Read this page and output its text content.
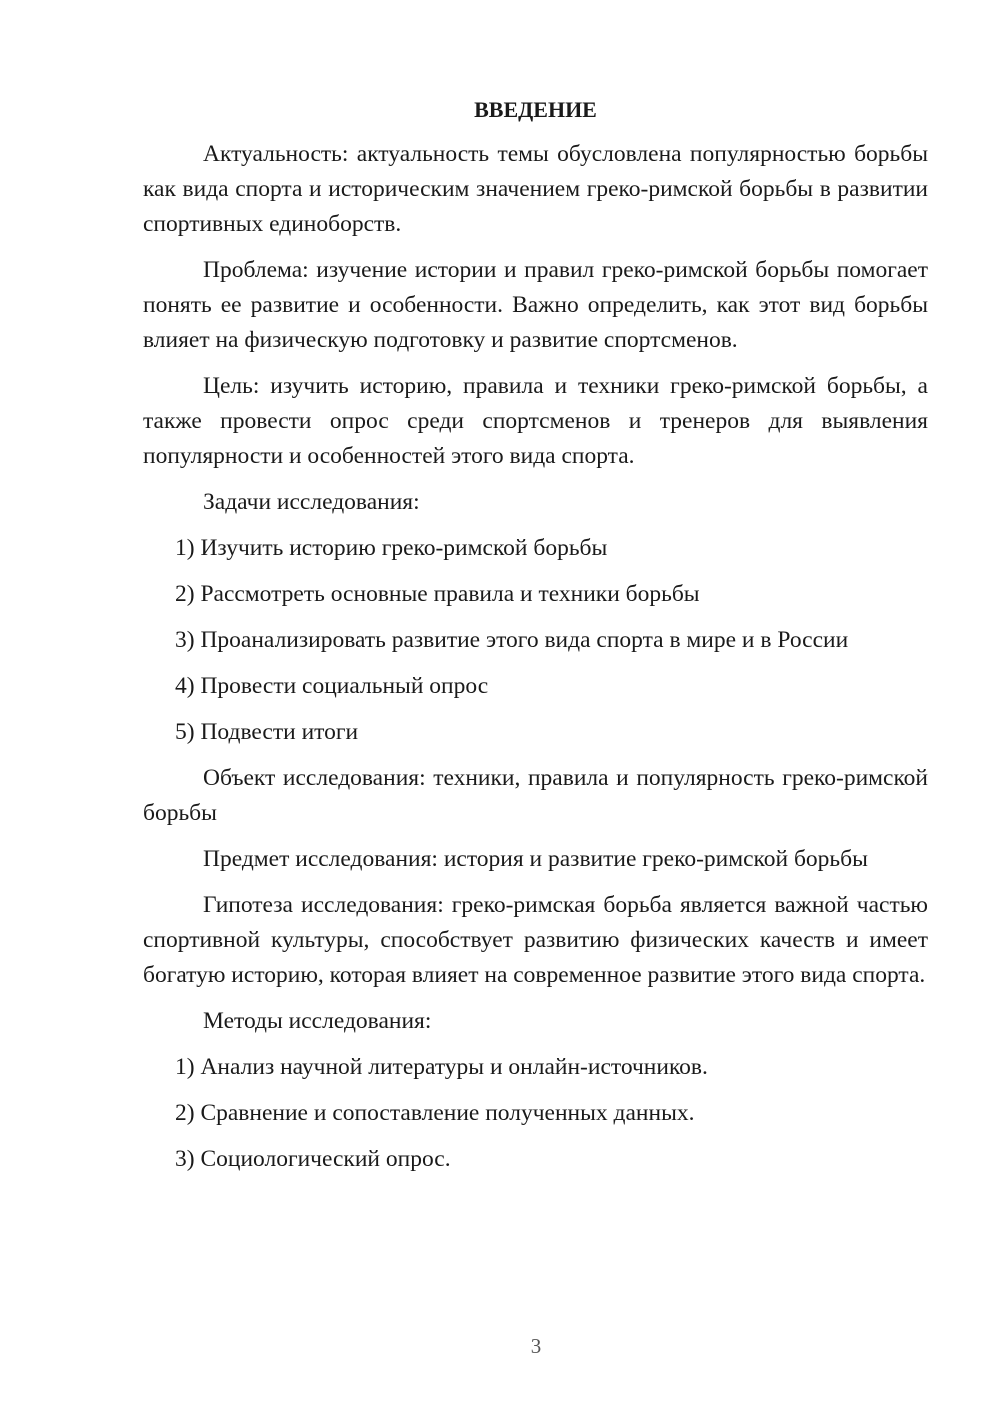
ВВЕДЕНИЕ

Актуальность: актуальность темы обусловлена популярностью борьбы как вида спорта и историческим значением греко-римской борьбы в развитии спортивных единоборств.

Проблема: изучение истории и правил греко-римской борьбы помогает понять ее развитие и особенности. Важно определить, как этот вид борьбы влияет на физическую подготовку и развитие спортсменов.

Цель: изучить историю, правила и техники греко-римской борьбы, а также провести опрос среди спортсменов и тренеров для выявления популярности и особенностей этого вида спорта.

Задачи исследования:

1) Изучить историю греко-римской борьбы

2) Рассмотреть основные правила и техники борьбы

3) Проанализировать развитие этого вида спорта в мире и в России

4) Провести социальный опрос

5) Подвести итоги

Объект исследования: техники, правила и популярность греко-римской борьбы

Предмет исследования: история и развитие греко-римской борьбы

Гипотеза исследования: греко-римская борьба является важной частью спортивной культуры, способствует развитию физических качеств и имеет богатую историю, которая влияет на современное развитие этого вида спорта.

Методы исследования:

1) Анализ научной литературы и онлайн-источников.

2) Сравнение и сопоставление полученных данных.

3) Социологический опрос.

3
